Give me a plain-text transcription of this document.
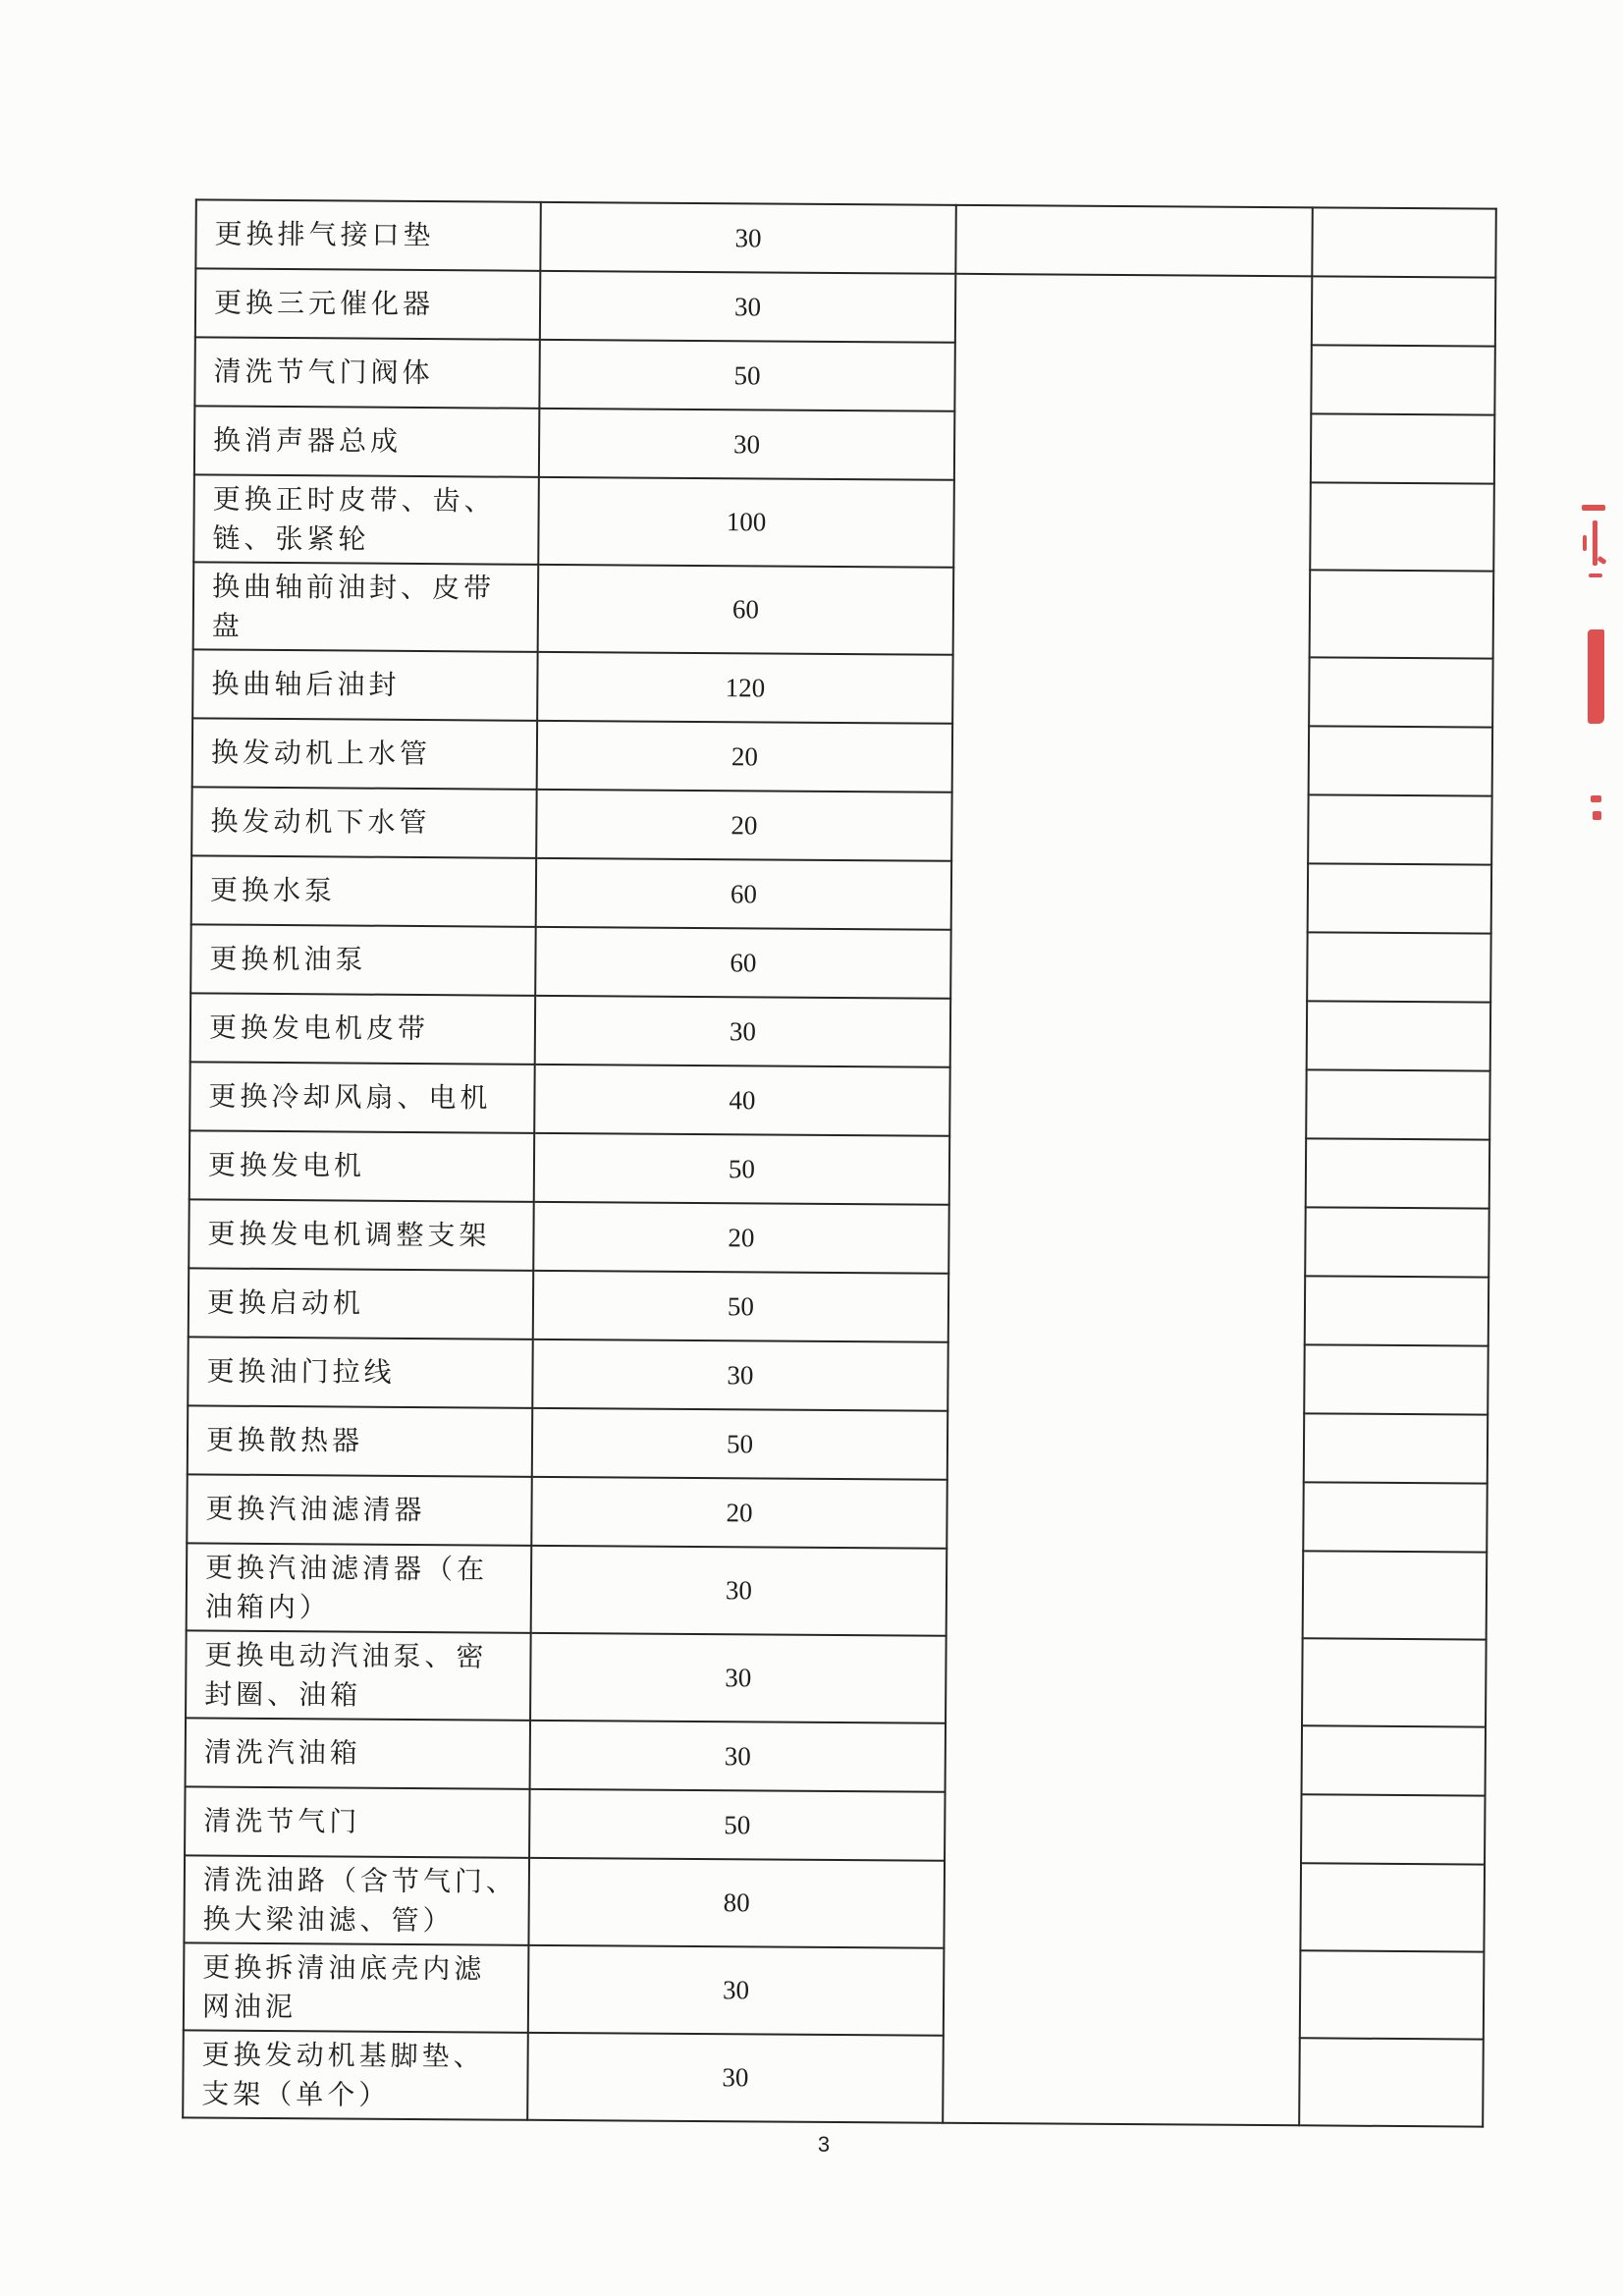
更换排气接口垫	30		

更换三元催化器	30		

清洗节气门阀体	50		

换消声器总成	30		

更换正时皮带、齿、
链、张紧轮	100		

换曲轴前油封、皮带
盘	60		

换曲轴后油封	120		

换发动机上水管	20		

换发动机下水管	20		

更换水泵	60		

更换机油泵	60		

更换发电机皮带	30		

更换冷却风扇、电机	40		

更换发电机	50		

更换发电机调整支架	20		

更换启动机	50		

更换油门拉线	30		

更换散热器	50		

更换汽油滤清器	20		

更换汽油滤清器（在
油箱内）	30		

更换电动汽油泵、密
封圈、油箱	30		

清洗汽油箱	30		

清洗节气门	50		

清洗油路（含节气门、
换大梁油滤、管）	80		

更换拆清油底壳内滤
网油泥	30		

更换发动机基脚垫、
支架（单个）	30		
3
